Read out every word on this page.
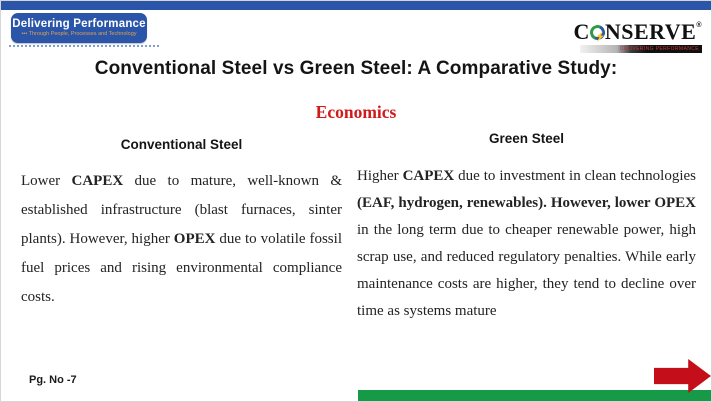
Delivering Performance
••• Through People, Processes and Technology	C ⚡
NSERVE®
DELIVERING PERFORMANCE
Conventional Steel vs Green Steel: A Comparative Study:
Economics
Conventional Steel
Lower CAPEX due to mature, well-known & established infrastructure (blast furnaces, sinter plants). However, higher OPEX due to volatile fossil fuel prices and rising environmental compliance costs.
Green Steel
Higher CAPEX due to investment in clean technologies (EAF, hydrogen, renewables). However, lower OPEX in the long term due to cheaper renewable power, high scrap use, and reduced regulatory penalties. While early maintenance costs are higher, they tend to decline over time as systems mature
Pg. No -7
